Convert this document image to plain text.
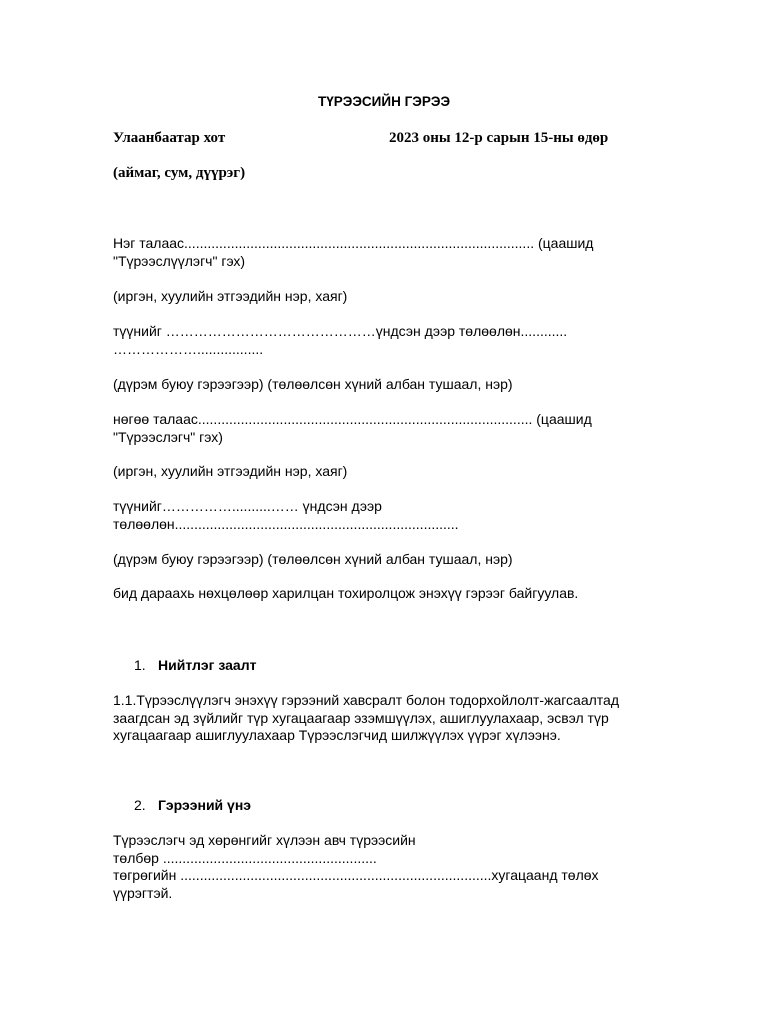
ТҮРЭЭСИЙН ГЭРЭЭ
Улаанбаатар хот	2023 оны 12-р сарын 15-ны өдөр
(аймаг, сум, дүүрэг)

Нэг талаас.......................................................................................... (цаашид
"Түрээслүүлэгч" гэх)

(иргэн, хуулийн этгээдийн нэр, хаяг)

түүнийг ………………………………………үндсэн дээр төлөөлөн............
……………….................

(дүрэм буюу гэрээгээр) (төлөөлсөн хүний албан тушаал, нэр)

нөгөө талаас...................................................................................... (цаашид
"Түрээслэгч" гэх)

(иргэн, хуулийн этгээдийн нэр, хаяг)

түүнийг……………..........…… үндсэн дээр
төлөөлөн.........................................................................

(дүрэм буюу гэрээгээр) (төлөөлсөн хүний албан тушаал, нэр)

бид дараахь нөхцөлөөр харилцан тохиролцож энэхүү гэрээг байгуулав.

1. Нийтлэг заалт

1.1.Түрээслүүлэгч энэхүү гэрээний хавсралт болон тодорхойлолт-жагсаалтад
заагдсан эд зүйлийг түр хугацаагаар эзэмшүүлэх, ашиглуулахаар, эсвэл түр
хугацаагаар ашиглуулахаар Түрээслэгчид шилжүүлэх үүрэг хүлээнэ.

2. Гэрээний үнэ

Түрээслэгч эд хөрөнгийг хүлээн авч түрээсийн
төлбөр .......................................................
төгрөгийн ................................................................................хугацаанд төлөх
үүрэгтэй.
